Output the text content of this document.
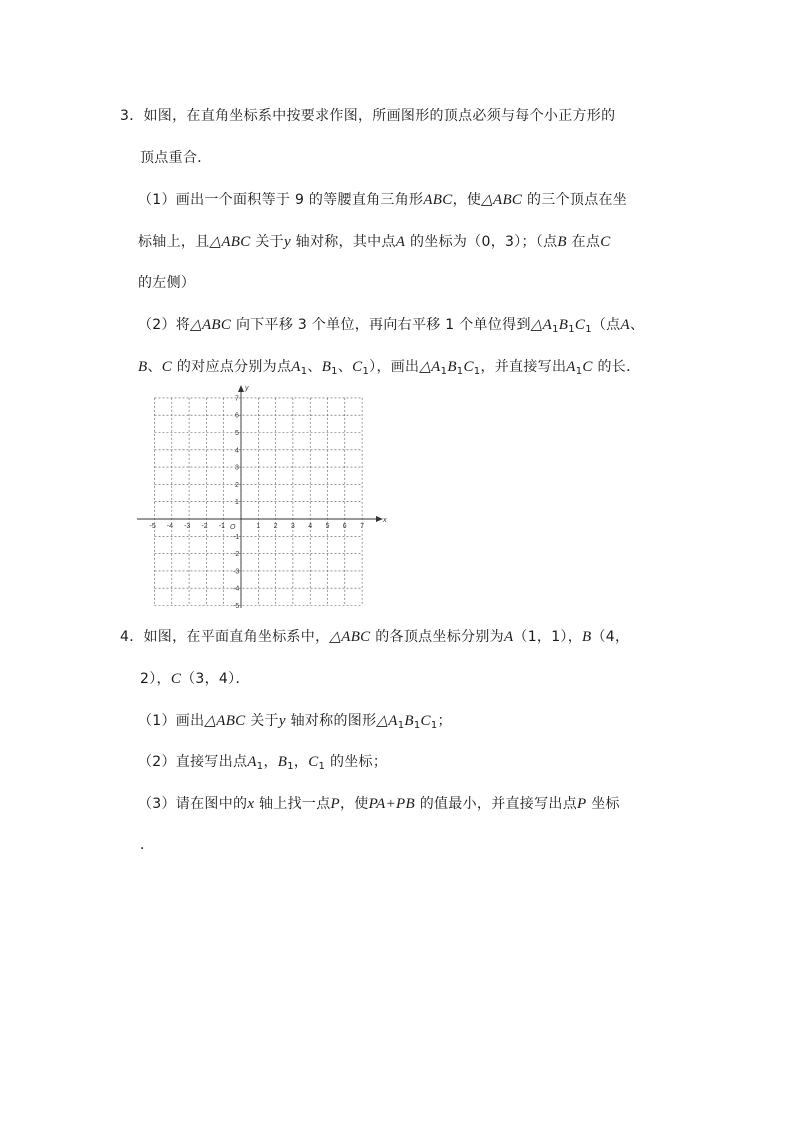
3．如图，在直角坐标系中按要求作图，所画图形的顶点必须与每个小正方形的
顶点重合．
（1）画出一个面积等于 9 的等腰直角三角形ABC，使△ABC 的三个顶点在坐
标轴上，且△ABC 关于y 轴对称，其中点A 的坐标为（0，3）；（点B 在点C
的左侧）
（2）将△ABC 向下平移 3 个单位，再向右平移 1 个单位得到$\triangle A_1B_1C_1$（点A、
B、C 的对应点分别为点$A_1$、$B_1$、$C_1$），画出$\triangle A_1B_1C_1$，并直接写出$A_1C$ 的长．
y
x
O
-5 -4 -3 -2 -1	1 2 3 4 5 6 7
7
6
5
4
3
2
1
-1
-2
-3
-4
-5
4．如图，在平面直角坐标系中，△ABC 的各顶点坐标分别为A（1，1），B（4，
2），C（3，4）．
（1）画出△ABC 关于y 轴对称的图形$\triangle A_1B_1C_1$；
（2）直接写出点$A_1$，$B_1$，$C_1$ 的坐标；
（3）请在图中的x 轴上找一点P，使PA+PB 的值最小，并直接写出点P 坐标
．
